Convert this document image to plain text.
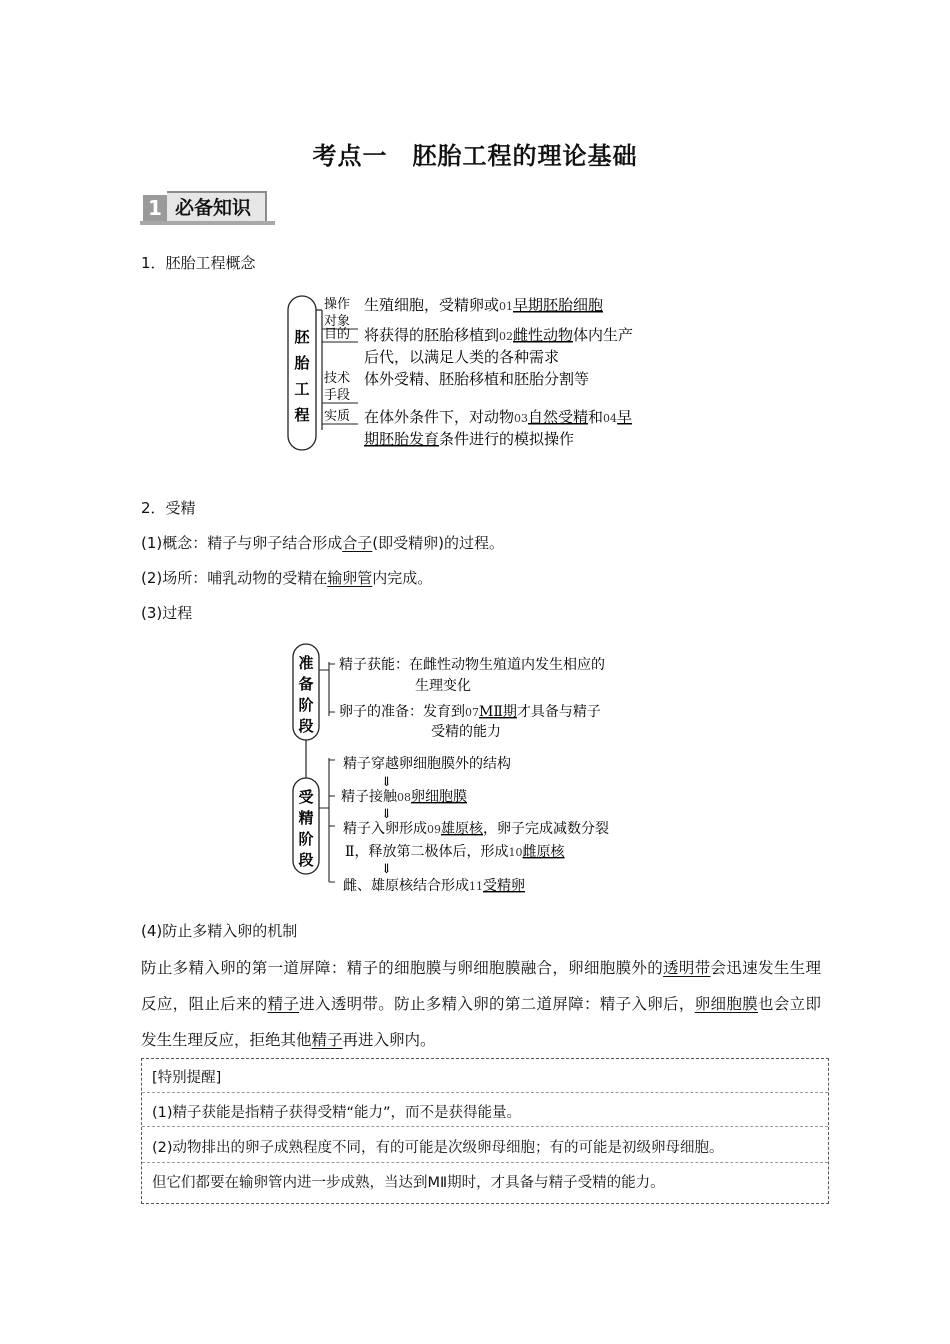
考点一　胚胎工程的理论基础
必备知识
1
1．胚胎工程概念
胚胎工程
操作
对象
生殖细胞，受精卵或01早期胚胎细胞
目的 将获得的胚胎移植到02雌性动物体内生产
后代，以满足人类的各种需求
技术
手段
体外受精、胚胎移植和胚胎分割等
实质 在体外条件下，对动物03自然受精和04早
期胚胎发育条件进行的模拟操作
2．受精
(1)概念：精子与卵子结合形成合子(即受精卵)的过程。
(2)场所：哺乳动物的受精在输卵管内完成。
(3)过程
准备阶段
受精阶段
精子获能：在雌性动物生殖道内发生相应的
生理变化
卵子的准备：发育到07MⅡ期才具备与精子
受精的能力
精子穿越卵细胞膜外的结构
⇓
精子接触08卵细胞膜
⇓
精子入卵形成09雄原核，卵子完成减数分裂
Ⅱ，释放第二极体后，形成10雌原核
⇓
雌、雄原核结合形成11受精卵
(4)防止多精入卵的机制
防止多精入卵的第一道屏障：精子的细胞膜与卵细胞膜融合，卵细胞膜外的透明带会迅速发生生理反应，阻止后来的精子进入透明带。防止多精入卵的第二道屏障：精子入卵后，卵细胞膜也会立即发生生理反应，拒绝其他精子再进入卵内。
[特别提醒]
(1)精子获能是指精子获得受精“能力”，而不是获得能量。
(2)动物排出的卵子成熟程度不同，有的可能是次级卵母细胞；有的可能是初级卵母细胞。
但它们都要在输卵管内进一步成熟，当达到MⅡ期时，才具备与精子受精的能力。
